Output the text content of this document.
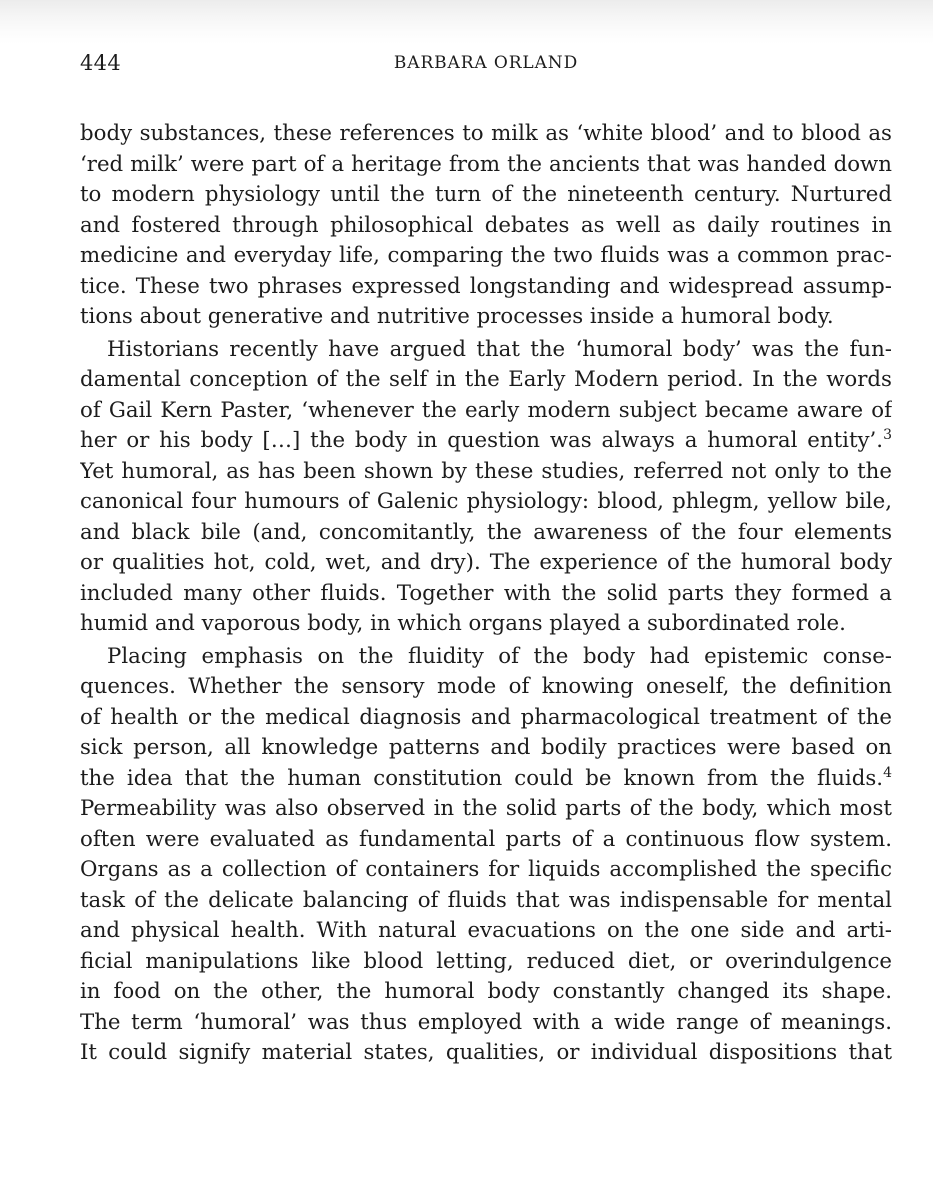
444	BARBARA ORLAND

body substances, these references to milk as ‘white blood’ and to blood as
‘red milk’ were part of a heritage from the ancients that was handed down
to modern physiology until the turn of the nineteenth century. Nurtured
and fostered through philosophical debates as well as daily routines in
medicine and everyday life, comparing the two fluids was a common prac-
tice. These two phrases expressed longstanding and widespread assump-
tions about generative and nutritive processes inside a humoral body.

Historians recently have argued that the ‘humoral body’ was the fun-
damental conception of the self in the Early Modern period. In the words
of Gail Kern Paster, ‘whenever the early modern subject became aware of
her or his body […] the body in question was always a humoral entity’.$^3$
Yet humoral, as has been shown by these studies, referred not only to the
canonical four humours of Galenic physiology: blood, phlegm, yellow bile,
and black bile (and, concomitantly, the awareness of the four elements
or qualities hot, cold, wet, and dry). The experience of the humoral body
included many other fluids. Together with the solid parts they formed a
humid and vaporous body, in which organs played a subordinated role.

Placing emphasis on the fluidity of the body had epistemic conse-
quences. Whether the sensory mode of knowing oneself, the definition
of health or the medical diagnosis and pharmacological treatment of the
sick person, all knowledge patterns and bodily practices were based on
the idea that the human constitution could be known from the fluids.$^4$
Permeability was also observed in the solid parts of the body, which most
often were evaluated as fundamental parts of a continuous flow system.
Organs as a collection of containers for liquids accomplished the specific
task of the delicate balancing of fluids that was indispensable for mental
and physical health. With natural evacuations on the one side and arti-
ficial manipulations like blood letting, reduced diet, or overindulgence
in food on the other, the humoral body constantly changed its shape.
The term ‘humoral’ was thus employed with a wide range of meanings.
It could signify material states, qualities, or individual dispositions that
